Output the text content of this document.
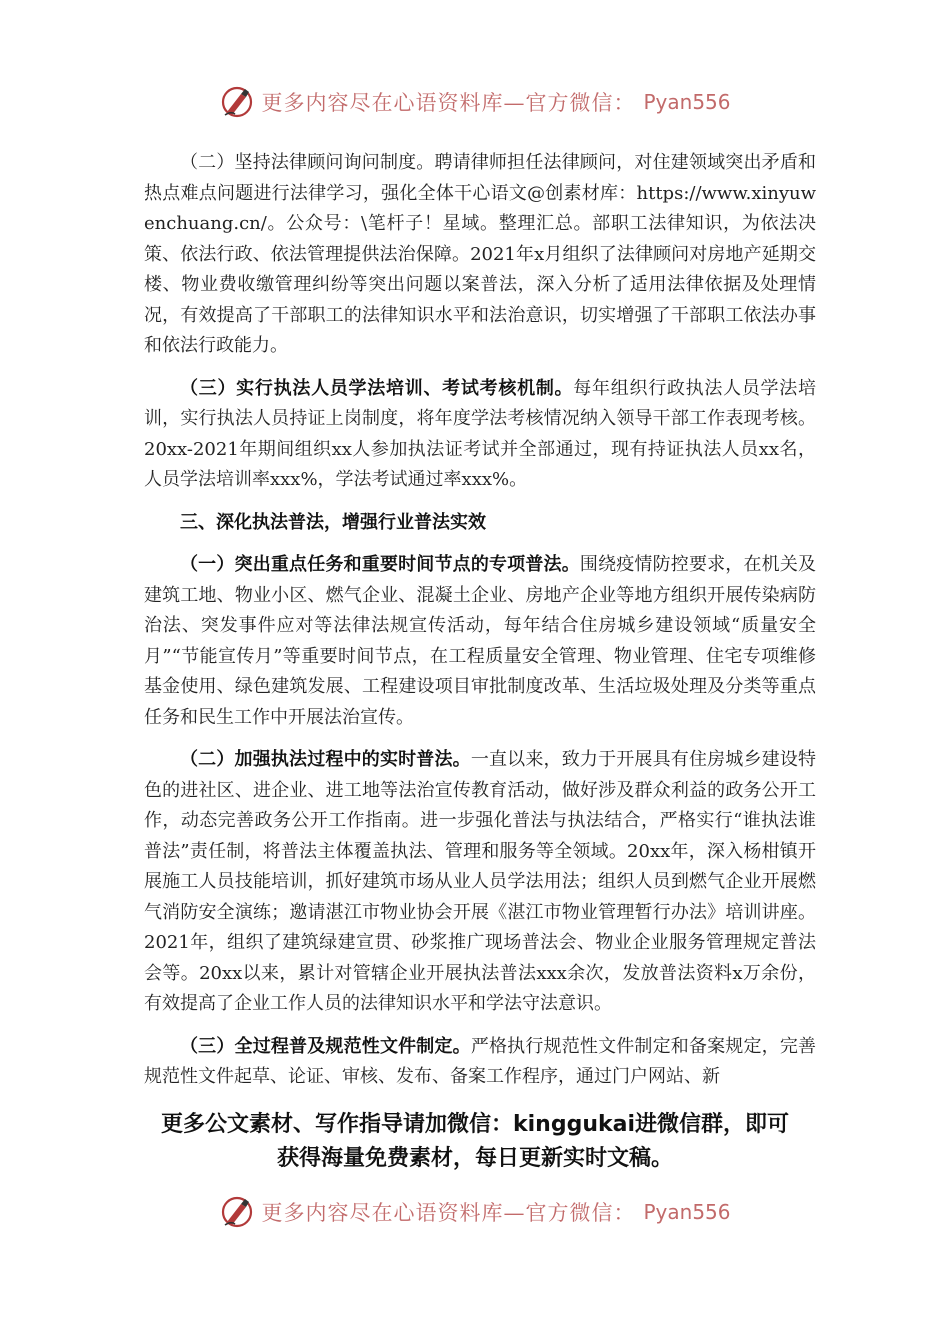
更多内容尽在心语资料库—官方微信： Pyan556

（二）坚持法律顾问询问制度。聘请律师担任法律顾问，对住建领域突出矛盾和热点难点问题进行法律学习，强化全体干心语文@创素材库：https://www.xinyuwenchuang.cn/。公众号：\笔杆子！星域。整理汇总。部职工法律知识，为依法决策、依法行政、依法管理提供法治保障。2021年x月组织了法律顾问对房地产延期交楼、物业费收缴管理纠纷等突出问题以案普法，深入分析了适用法律依据及处理情况，有效提高了干部职工的法律知识水平和法治意识，切实增强了干部职工依法办事和依法行政能力。

（三）实行执法人员学法培训、考试考核机制。每年组织行政执法人员学法培训，实行执法人员持证上岗制度，将年度学法考核情况纳入领导干部工作表现考核。20xx-2021年期间组织xx人参加执法证考试并全部通过，现有持证执法人员xx名，人员学法培训率xxx%，学法考试通过率xxx%。

三、深化执法普法，增强行业普法实效

（一）突出重点任务和重要时间节点的专项普法。围绕疫情防控要求，在机关及建筑工地、物业小区、燃气企业、混凝土企业、房地产企业等地方组织开展传染病防治法、突发事件应对等法律法规宣传活动，每年结合住房城乡建设领域“质量安全月”“节能宣传月”等重要时间节点，在工程质量安全管理、物业管理、住宅专项维修基金使用、绿色建筑发展、工程建设项目审批制度改革、生活垃圾处理及分类等重点任务和民生工作中开展法治宣传。

（二）加强执法过程中的实时普法。一直以来，致力于开展具有住房城乡建设特色的进社区、进企业、进工地等法治宣传教育活动，做好涉及群众利益的政务公开工作，动态完善政务公开工作指南。进一步强化普法与执法结合，严格实行“谁执法谁普法”责任制，将普法主体覆盖执法、管理和服务等全领域。20xx年，深入杨柑镇开展施工人员技能培训，抓好建筑市场从业人员学法用法；组织人员到燃气企业开展燃气消防安全演练；邀请湛江市物业协会开展《湛江市物业管理暂行办法》培训讲座。2021年，组织了建筑绿建宣贯、砂浆推广现场普法会、物业企业服务管理规定普法会等。20xx以来，累计对管辖企业开展执法普法xxx余次，发放普法资料x万余份，有效提高了企业工作人员的法律知识水平和学法守法意识。

（三）全过程普及规范性文件制定。严格执行规范性文件制定和备案规定，完善规范性文件起草、论证、审核、发布、备案工作程序，通过门户网站、新

更多公文素材、写作指导请加微信：kinggukai进微信群，即可
获得海量免费素材，每日更新实时文稿。
更多内容尽在心语资料库—官方微信： Pyan556
